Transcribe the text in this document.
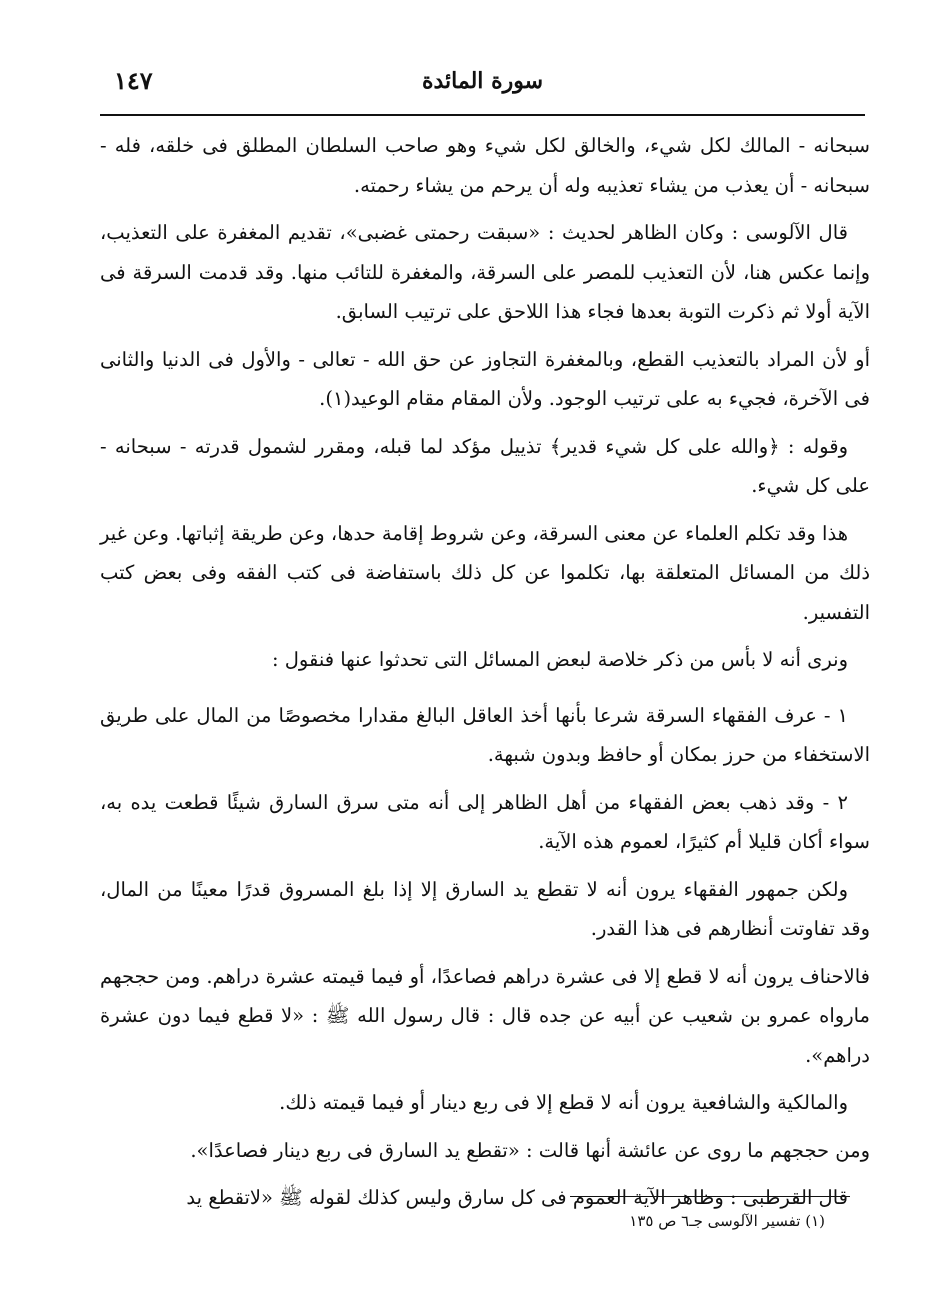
١٤٧	سورة المائدة

سبحانه - المالك لكل شيء، والخالق لكل شيء وهو صاحب السلطان المطلق فى خلقه، فله - سبحانه - أن يعذب من يشاء تعذيبه وله أن يرحم من يشاء رحمته.

قال الآلوسى : وكان الظاهر لحديث : «سبقت رحمتى غضبى»، تقديم المغفرة على التعذيب، وإنما عكس هنا، لأن التعذيب للمصر على السرقة، والمغفرة للتائب منها. وقد قدمت السرقة فى الآية أولا ثم ذكرت التوبة بعدها فجاء هذا اللاحق على ترتيب السابق.

أو لأن المراد بالتعذيب القطع، وبالمغفرة التجاوز عن حق الله - تعالى - والأول فى الدنيا والثانى فى الآخرة، فجيء به على ترتيب الوجود. ولأن المقام مقام الوعيد(١).

وقوله : ﴿والله على كل شيء قدير﴾ تذييل مؤكد لما قبله، ومقرر لشمول قدرته - سبحانه - على كل شيء.

هذا وقد تكلم العلماء عن معنى السرقة، وعن شروط إقامة حدها، وعن طريقة إثباتها. وعن غير ذلك من المسائل المتعلقة بها، تكلموا عن كل ذلك باستفاضة فى كتب الفقه وفى بعض كتب التفسير.

ونرى أنه لا بأس من ذكر خلاصة لبعض المسائل التى تحدثوا عنها فنقول :

١ - عرف الفقهاء السرقة شرعا بأنها أخذ العاقل البالغ مقدارا مخصوصًا من المال على طريق الاستخفاء من حرز بمكان أو حافظ وبدون شبهة.

٢ - وقد ذهب بعض الفقهاء من أهل الظاهر إلى أنه متى سرق السارق شيئًا قطعت يده به، سواء أكان قليلا أم كثيرًا، لعموم هذه الآية.

ولكن جمهور الفقهاء يرون أنه لا تقطع يد السارق إلا إذا بلغ المسروق قدرًا معينًا من المال، وقد تفاوتت أنظارهم فى هذا القدر.

فالاحناف يرون أنه لا قطع إلا فى عشرة دراهم فصاعدًا، أو فيما قيمته عشرة دراهم. ومن حججهم مارواه عمرو بن شعيب عن أبيه عن جده قال : قال رسول الله ﷺ : «لا قطع فيما دون عشرة دراهم».

والمالكية والشافعية يرون أنه لا قطع إلا فى ربع دينار أو فيما قيمته ذلك.

ومن حججهم ما روى عن عائشة أنها قالت : «تقطع يد السارق فى ربع دينار فصاعدًا».

قال القرطبى : وظاهر الآية العموم فى كل سارق وليس كذلك لقوله ﷺ «لاتقطع يد

(١) تفسير الآلوسى جـ٦ ص ١٣٥
